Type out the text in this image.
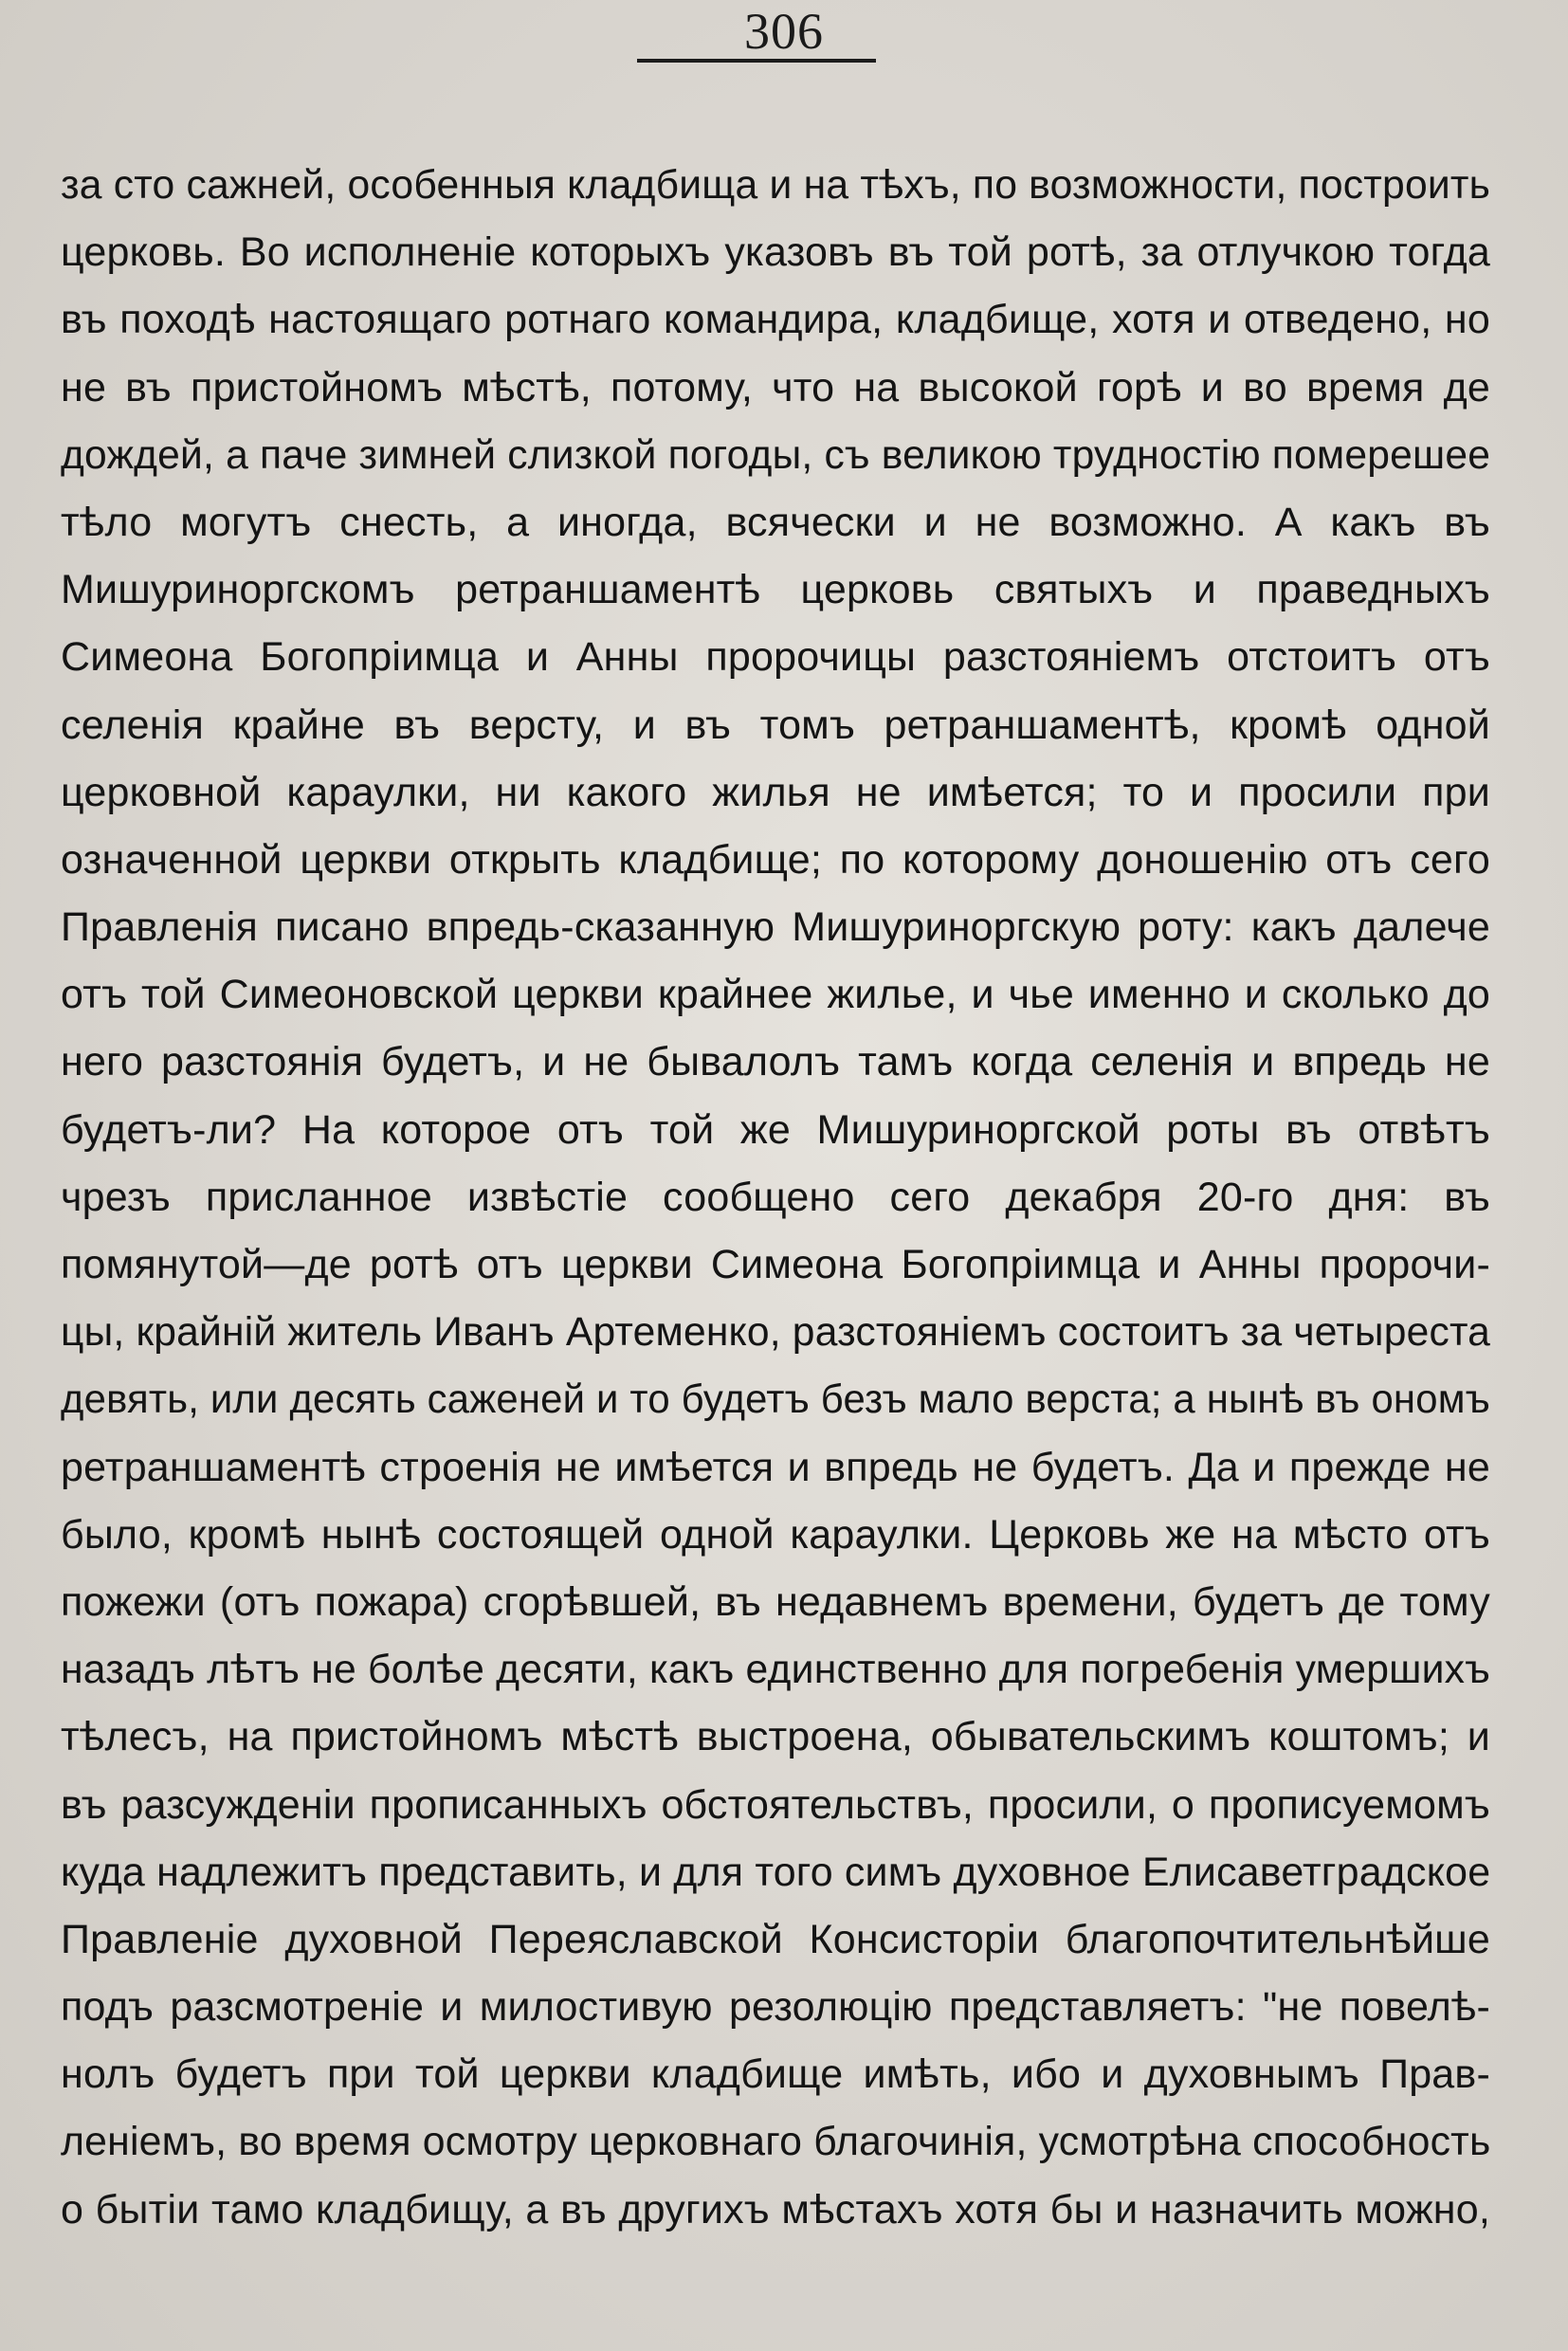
306
за сто сажней, особенныя кладбища и на тѣхъ, по возможности, построить
церковь. Во исполненіе которыхъ указовъ въ той ротѣ, за отлучкою тогда
въ походѣ настоящаго ротнаго командира, кладбище, хотя и отведено, но
не въ пристойномъ мѣстѣ, потому, что на высокой горѣ и во время де
дождей, а паче зимней слизкой погоды, съ великою трудностію померешее
тѣло могутъ снесть, а иногда, всячески и не возможно. А какъ въ
Мишуриноргскомъ ретраншаментѣ церковь святыхъ и праведныхъ
Симеона Богопріимца и Анны пророчицы разстояніемъ отстоитъ отъ
селенія крайне въ версту, и въ томъ ретраншаментѣ, кромѣ одной
церковной караулки, ни какого жилья не имѣется; то и просили при
означенной церкви открыть кладбище; по которому доношенію отъ сего
Правленія писано впредь-сказанную Мишуриноргскую роту: какъ далече
отъ той Симеоновской церкви крайнее жилье, и чье именно и сколько до
него разстоянія будетъ, и не бывалолъ тамъ когда селенія и впредь не
будетъ-ли? На которое отъ той же Мишуриноргской роты въ отвѣтъ
чрезъ присланное извѣстіе сообщено сего декабря 20-го дня: въ
помянутой—де ротѣ отъ церкви Симеона Богопріимца и Анны пророчи-
цы, крайній житель Иванъ Артеменко, разстояніемъ состоитъ за четыреста
девять, или десять саженей и то будетъ безъ мало верста; а нынѣ въ ономъ
ретраншаментѣ строенія не имѣется и впредь не будетъ. Да и прежде не
было, кромѣ нынѣ состоящей одной караулки. Церковь же на мѣсто отъ
пожежи (отъ пожара) сгорѣвшей, въ недавнемъ времени, будетъ де тому
назадъ лѣтъ не болѣе десяти, какъ единственно для погребенія умершихъ
тѣлесъ, на пристойномъ мѣстѣ выстроена, обывательскимъ коштомъ; и
въ разсужденіи прописанныхъ обстоятельствъ, просили, о прописуемомъ
куда надлежитъ представить, и для того симъ духовное Елисаветградское
Правленіе духовной Переяславской Консисторіи благопочтительнѣйше
подъ разсмотреніе и милостивую резолюцію представляетъ: "не повелѣ-
нолъ будетъ при той церкви кладбище имѣть, ибо и духовнымъ Прав-
леніемъ, во время осмотру церковнаго благочинія, усмотрѣна способность
о бытіи тамо кладбищу, а въ другихъ мѣстахъ хотя бы и назначить можно,
